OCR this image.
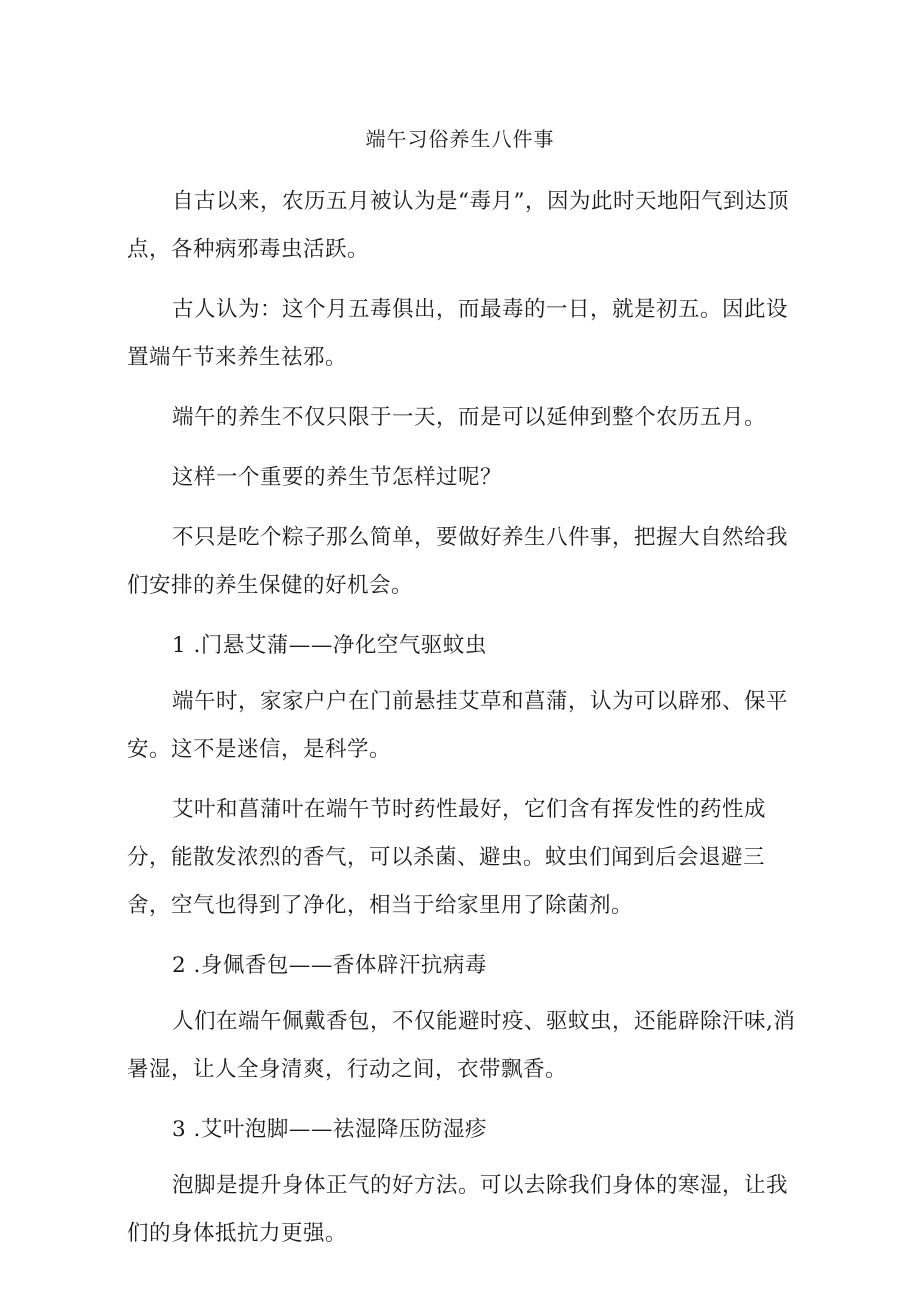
端午习俗养生八件事

自古以来，农历五月被认为是“毒月”，因为此时天地阳气到达顶点，各种病邪毒虫活跃。

古人认为：这个月五毒俱出，而最毒的一日，就是初五。因此设置端午节来养生祛邪。

端午的养生不仅只限于一天，而是可以延伸到整个农历五月。

这样一个重要的养生节怎样过呢？

不只是吃个粽子那么简单，要做好养生八件事，把握大自然给我们安排的养生保健的好机会。

1 .门悬艾蒲——净化空气驱蚊虫

端午时，家家户户在门前悬挂艾草和菖蒲，认为可以辟邪、保平安。这不是迷信，是科学。

艾叶和菖蒲叶在端午节时药性最好，它们含有挥发性的药性成分，能散发浓烈的香气，可以杀菌、避虫。蚊虫们闻到后会退避三舍，空气也得到了净化，相当于给家里用了除菌剂。

2 .身佩香包——香体辟汗抗病毒

人们在端午佩戴香包，不仅能避时疫、驱蚊虫，还能辟除汗味,消暑湿，让人全身清爽，行动之间，衣带飘香。

3 .艾叶泡脚——祛湿降压防湿疹

泡脚是提升身体正气的好方法。可以去除我们身体的寒湿，让我们的身体抵抗力更强。
